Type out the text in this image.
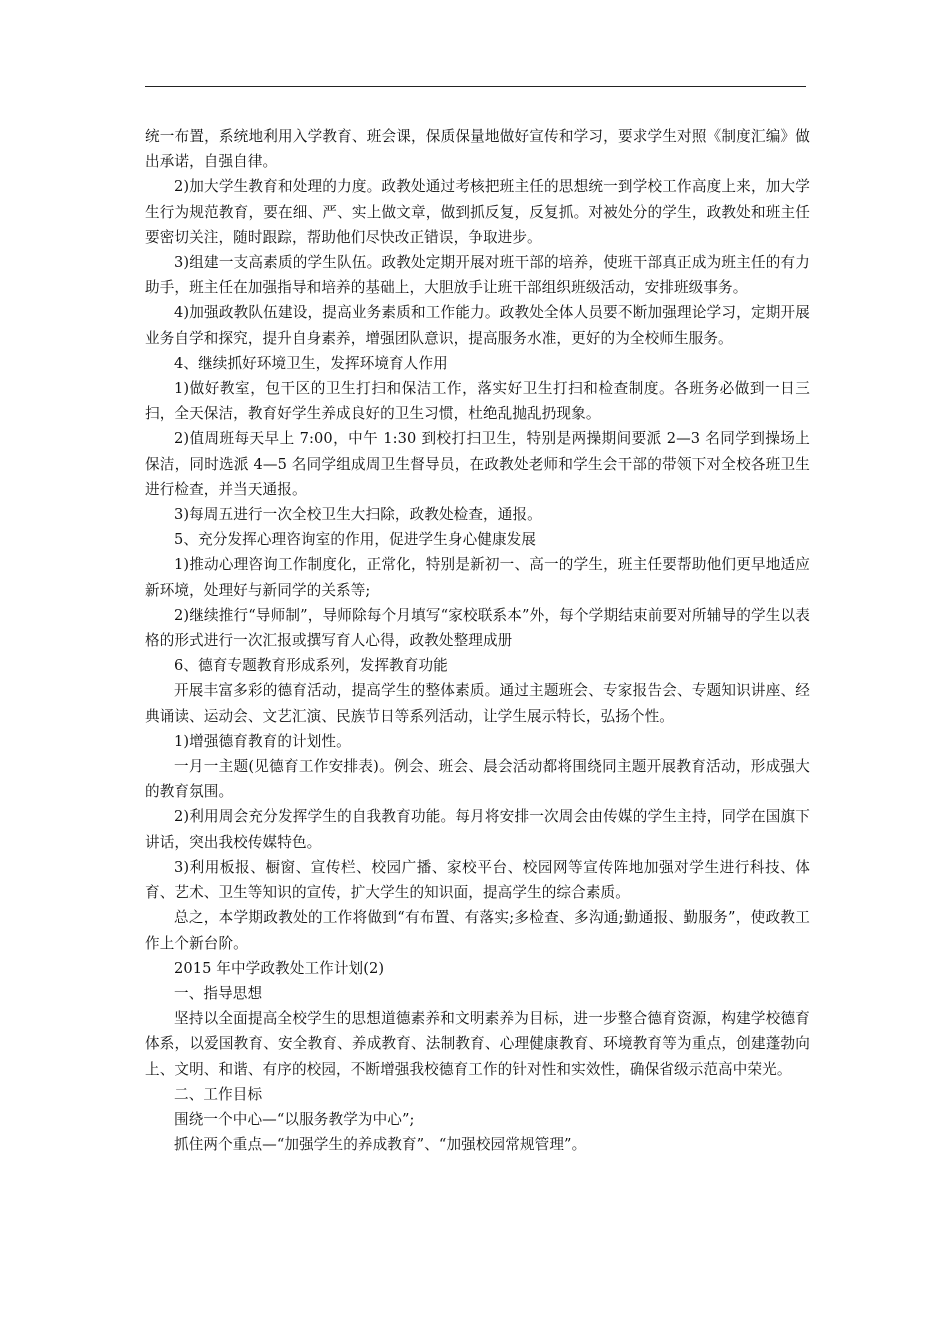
统一布置，系统地利用入学教育、班会课，保质保量地做好宣传和学习，要求学生对照《制度汇编》做出承诺，自强自律。

2)加大学生教育和处理的力度。政教处通过考核把班主任的思想统一到学校工作高度上来，加大学生行为规范教育，要在细、严、实上做文章，做到抓反复，反复抓。对被处分的学生，政教处和班主任要密切关注，随时跟踪，帮助他们尽快改正错误，争取进步。

3)组建一支高素质的学生队伍。政教处定期开展对班干部的培养，使班干部真正成为班主任的有力助手，班主任在加强指导和培养的基础上，大胆放手让班干部组织班级活动，安排班级事务。

4)加强政教队伍建设，提高业务素质和工作能力。政教处全体人员要不断加强理论学习，定期开展业务自学和探究，提升自身素养，增强团队意识，提高服务水准，更好的为全校师生服务。

4、继续抓好环境卫生，发挥环境育人作用

1)做好教室，包干区的卫生打扫和保洁工作，落实好卫生打扫和检查制度。各班务必做到一日三扫，全天保洁，教育好学生养成良好的卫生习惯，杜绝乱抛乱扔现象。

2)值周班每天早上 7:00，中午 1:30 到校打扫卫生，特别是两操期间要派 2—3 名同学到操场上保洁，同时选派 4—5 名同学组成周卫生督导员，在政教处老师和学生会干部的带领下对全校各班卫生进行检查，并当天通报。

3)每周五进行一次全校卫生大扫除，政教处检查，通报。

5、充分发挥心理咨询室的作用，促进学生身心健康发展

1)推动心理咨询工作制度化，正常化，特别是新初一、高一的学生，班主任要帮助他们更早地适应新环境，处理好与新同学的关系等;

2)继续推行“导师制”，导师除每个月填写“家校联系本”外，每个学期结束前要对所辅导的学生以表格的形式进行一次汇报或撰写育人心得，政教处整理成册

6、德育专题教育形成系列，发挥教育功能

开展丰富多彩的德育活动，提高学生的整体素质。通过主题班会、专家报告会、专题知识讲座、经典诵读、运动会、文艺汇演、民族节日等系列活动，让学生展示特长，弘扬个性。

1)增强德育教育的计划性。

一月一主题(见德育工作安排表)。例会、班会、晨会活动都将围绕同主题开展教育活动，形成强大的教育氛围。

2)利用周会充分发挥学生的自我教育功能。每月将安排一次周会由传媒的学生主持，同学在国旗下讲话，突出我校传媒特色。

3)利用板报、橱窗、宣传栏、校园广播、家校平台、校园网等宣传阵地加强对学生进行科技、体育、艺术、卫生等知识的宣传，扩大学生的知识面，提高学生的综合素质。

总之，本学期政教处的工作将做到“有布置、有落实;多检查、多沟通;勤通报、勤服务”，使政教工作上个新台阶。

2015 年中学政教处工作计划(2)

一、指导思想

坚持以全面提高全校学生的思想道德素养和文明素养为目标，进一步整合德育资源，构建学校德育体系，以爱国教育、安全教育、养成教育、法制教育、心理健康教育、环境教育等为重点，创建蓬勃向上、文明、和谐、有序的校园，不断增强我校德育工作的针对性和实效性，确保省级示范高中荣光。

二、工作目标

围绕一个中心—“以服务教学为中心”;

抓住两个重点—“加强学生的养成教育”、“加强校园常规管理”。
